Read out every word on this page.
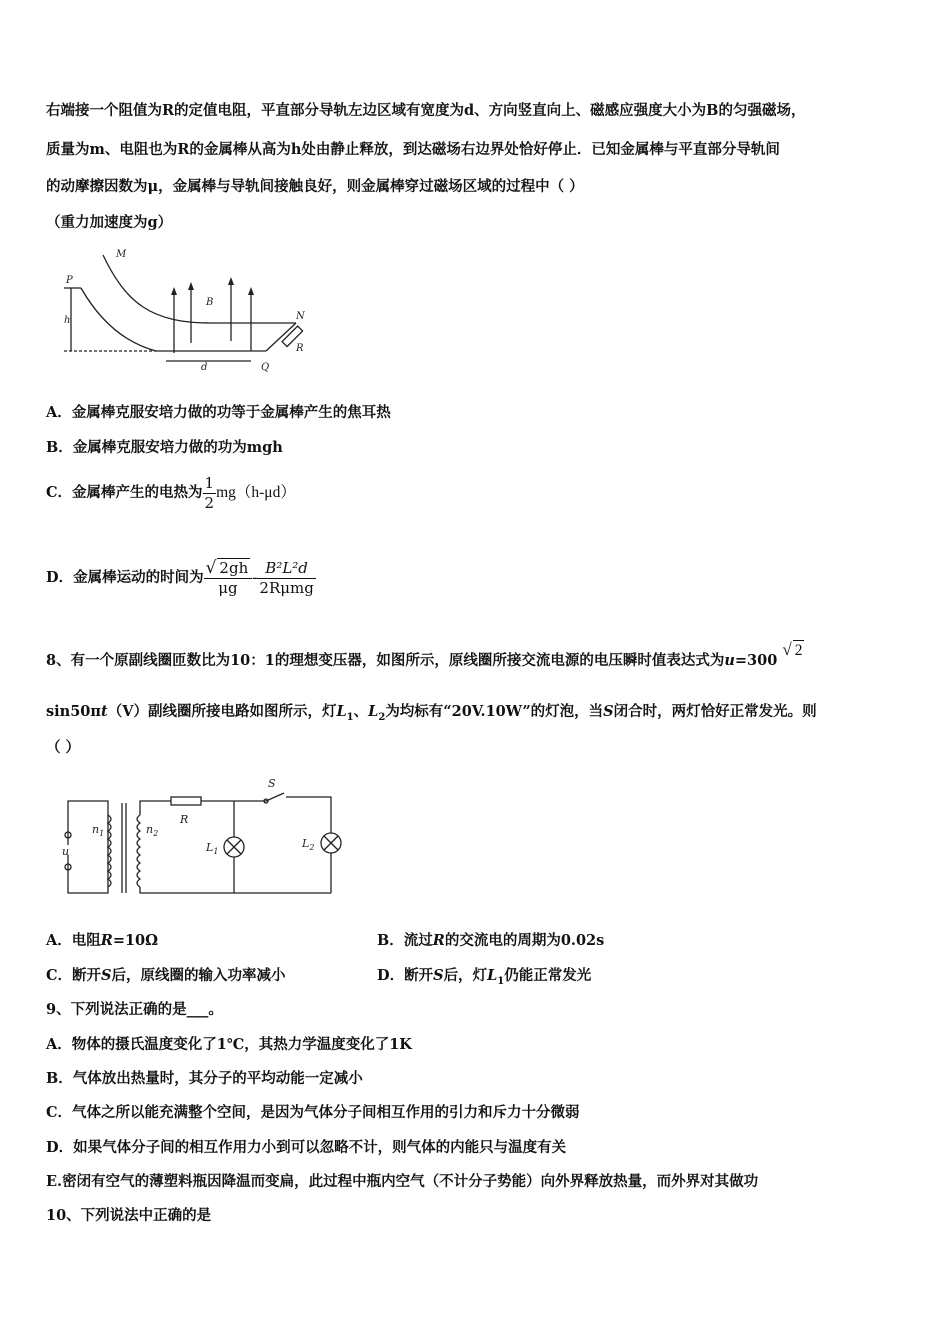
右端接一个阻值为R的定值电阻，平直部分导轨左边区域有宽度为d、方向竖直向上、磁感应强度大小为B的匀强磁场，
质量为m、电阻也为R的金属棒从高为h处由静止释放，到达磁场右边界处恰好停止．已知金属棒与平直部分导轨间
的动摩擦因数为μ，金属棒与导轨间接触良好，则金属棒穿过磁场区域的过程中（ ）
（重力加速度为g）
P
M
h
B
N
R
d	Q
A．金属棒克服安培力做的功等于金属棒产生的焦耳热
B．金属棒克服安培力做的功为mgh
C．金属棒产生的电热为 $\frac{1}{2} mg(h-\mu d)$
D．金属棒运动的时间为 $\frac{√ 2gh}{\mu g}$ -
B²L²d
2Rμmg
8、有一个原副线圈匝数比为10：1的理想变压器，如图所示，原线圈所接交流电源的电压瞬时值表达式为u=300 √ 2
sin50πt（V）副线圈所接电路如图所示，灯$L_1$、$L_2$为均标有“20V.10W”的灯泡，当S闭合时，两灯恰好正常发光。则
（ ）
S
R
$n_1$	$n_2$
u	$L_1$
$L_2$
A．电阻R=10Ω	B．流过R的交流电的周期为0.02s
C．断开S后，原线圈的输入功率减小	D．断开S后，灯$L_1$仍能正常发光
9、下列说法正确的是___。
A．物体的摄氏温度变化了1℃，其热力学温度变化了1K
B．气体放出热量时，其分子的平均动能一定减小
C．气体之所以能充满整个空间，是因为气体分子间相互作用的引力和斥力十分微弱
D．如果气体分子间的相互作用力小到可以忽略不计，则气体的内能只与温度有关
E.密闭有空气的薄塑料瓶因降温而变扁，此过程中瓶内空气（不计分子势能）向外界释放热量，而外界对其做功
10、下列说法中正确的是
